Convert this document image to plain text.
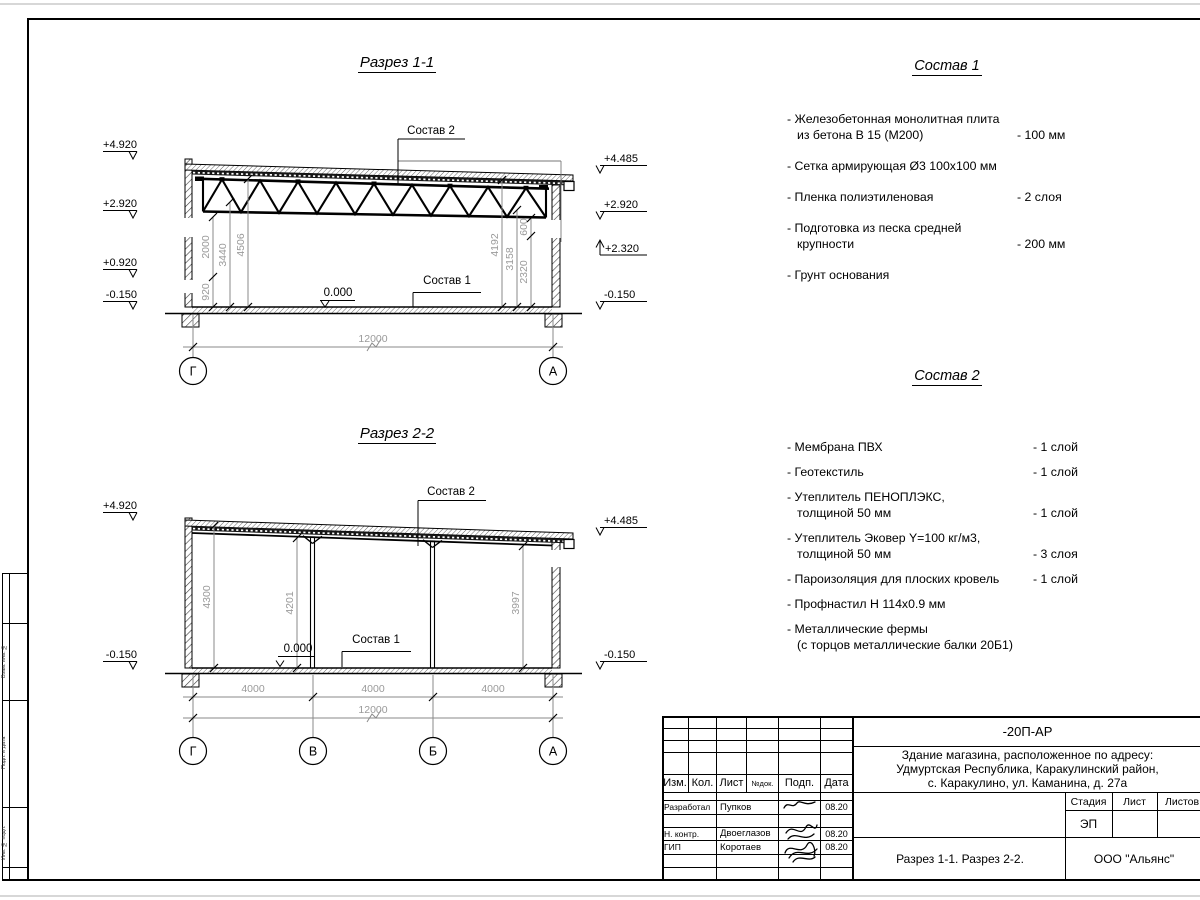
Взам. инв. №
Подп. и дата
Инв. № подл.
Разрез 1-1
+4.920
+2.920
+0.920
-0.150
+4.485
+2.920
+2.320
-0.150
920
2000 3440 4506	4192
3158
2320
600
Состав 2
Состав 1
0.000
12000
Г	А
Разрез 2-2
+4.920
-0.150
+4.485
-0.150
4300	4201	3997
Состав 2
Состав 1
0.000
4000	4000	4000
12000
Г	В	Б	А
Состав 1
- Железобетонная монолитная плита
из бетона В 15 (М200)	- 100 мм
- Сетка армирующая Ø3 100х100 мм
- Пленка полиэтиленовая	- 2 слоя
- Подготовка из песка средней
крупности	- 200 мм
- Грунт основания
Состав 2
- Мембрана ПВХ	- 1 слой
- Геотекстиль	- 1 слой
- Утеплитель ПЕНОПЛЭКС,
толщиной 50 мм	- 1 слой
- Утеплитель Эковер Y=100 кг/м3,
толщиной 50 мм	- 3 слоя
- Пароизоляция для плоских кровель	- 1 слой
- Профнастил Н 114х0.9 мм
- Металлические фермы
(с торцов металлические балки 20Б1)
-20П-АР
Здание магазина, расположенное по адресу:
Удмуртская Республика, Каракулинский район,
с. Каракулино, ул. Каманина, д. 27а
Изм. Кол. Лист	№док.	Подп. Дата
Разработал	Пупков	08.20
Н. контр.	Двоеглазов	08.20
ГИП	Коротаев	08.20
Стадия	Лист	Листов
ЭП
Разрез 1-1. Разрез 2-2.	ООО "Альянс"
